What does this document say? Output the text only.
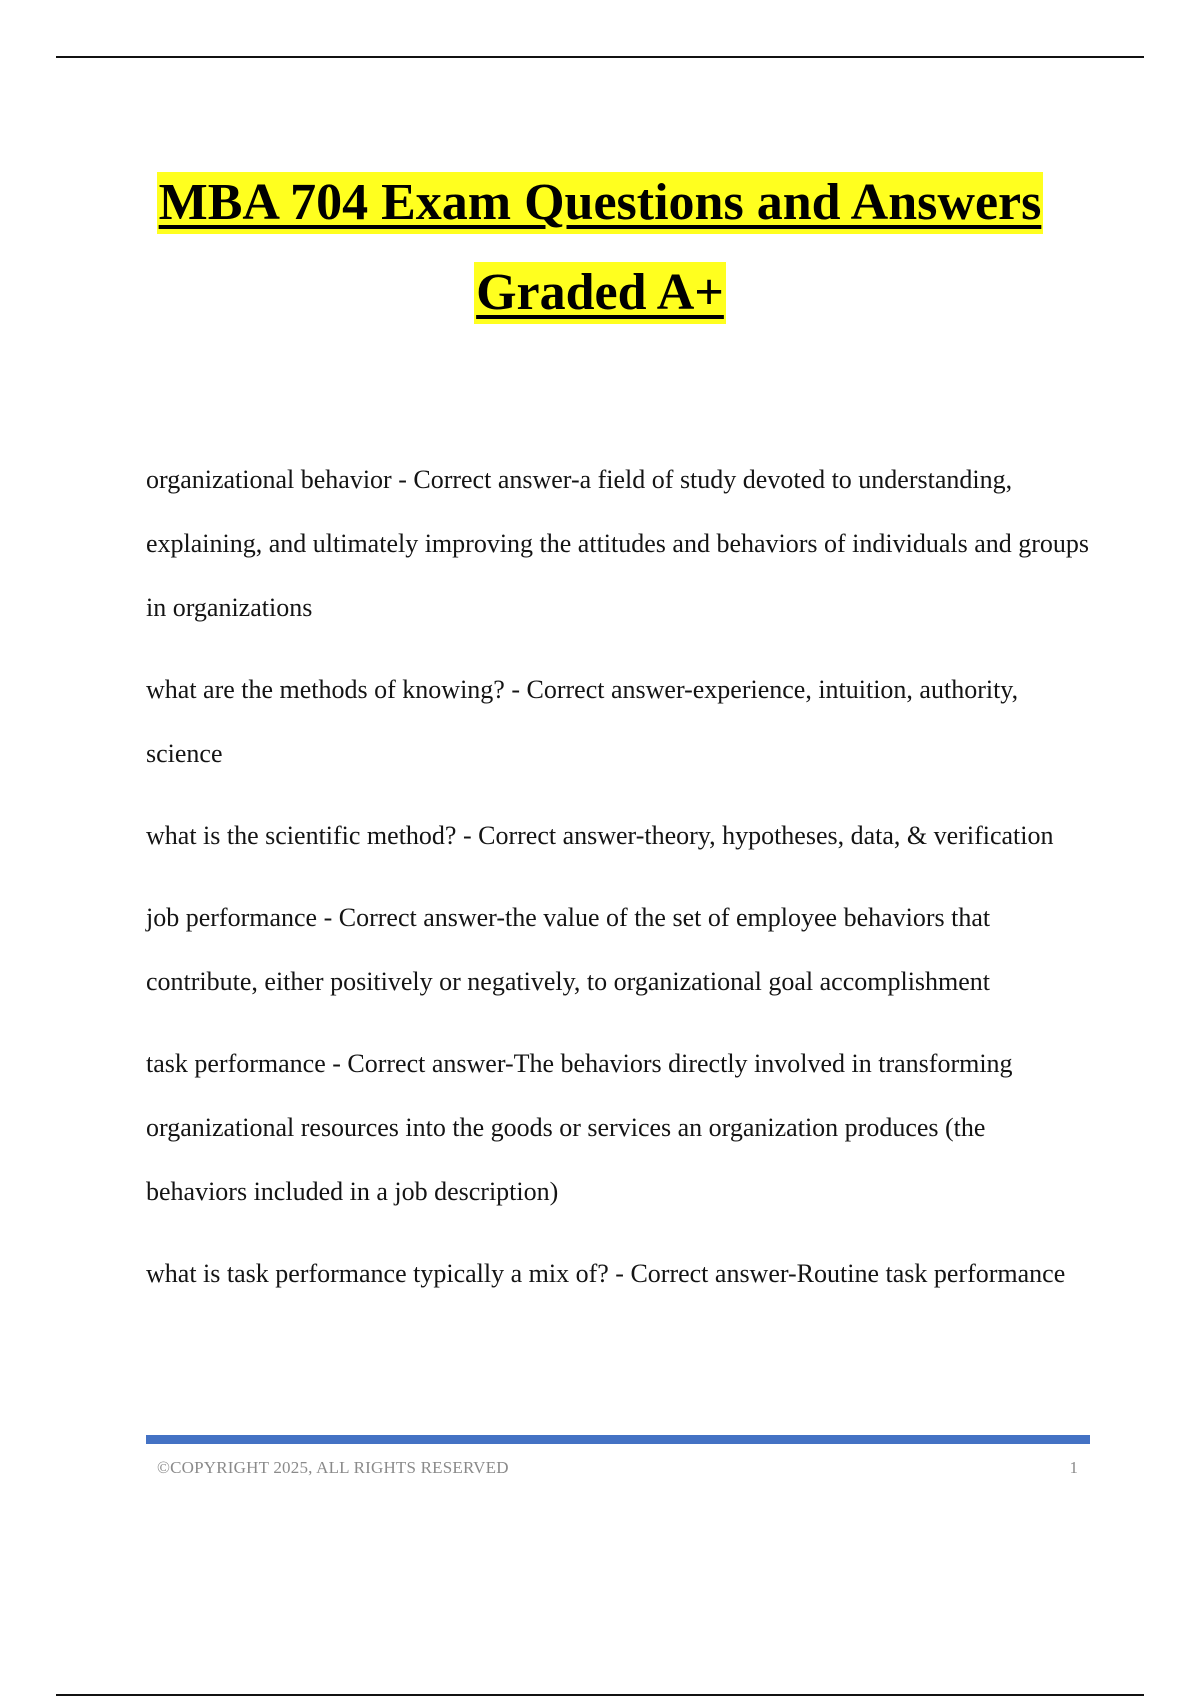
MBA 704 Exam Questions and Answers
Graded A+

organizational behavior - Correct answer-a field of study devoted to understanding, explaining, and ultimately improving the attitudes and behaviors of individuals and groups in organizations

what are the methods of knowing? - Correct answer-experience, intuition, authority, science

what is the scientific method? - Correct answer-theory, hypotheses, data, & verification

job performance - Correct answer-the value of the set of employee behaviors that contribute, either positively or negatively, to organizational goal accomplishment

task performance - Correct answer-The behaviors directly involved in transforming organizational resources into the goods or services an organization produces (the behaviors included in a job description)

what is task performance typically a mix of? - Correct answer-Routine task performance

©COPYRIGHT 2025, ALL RIGHTS RESERVED	1
